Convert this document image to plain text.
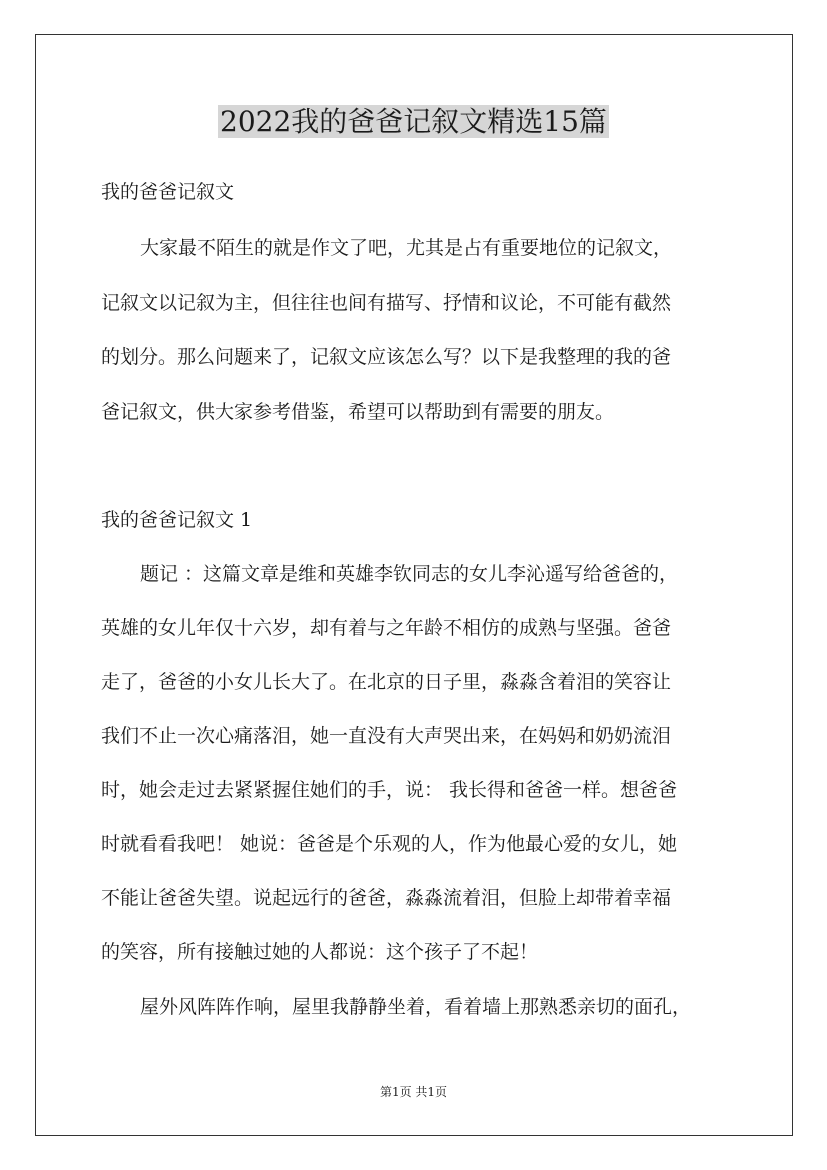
2022我的爸爸记叙文精选15篇
我的爸爸记叙文
大家最不陌生的就是作文了吧，尤其是占有重要地位的记叙文，
记叙文以记叙为主，但往往也间有描写、抒情和议论，不可能有截然
的划分。那么问题来了，记叙文应该怎么写？以下是我整理的我的爸
爸记叙文，供大家参考借鉴，希望可以帮助到有需要的朋友。
我的爸爸记叙文 1
题记 ：这篇文章是维和英雄李钦同志的女儿李沁遥写给爸爸的，
英雄的女儿年仅十六岁，却有着与之年龄不相仿的成熟与坚强。爸爸
走了，爸爸的小女儿长大了。在北京的日子里，淼淼含着泪的笑容让
我们不止一次心痛落泪，她一直没有大声哭出来，在妈妈和奶奶流泪
时，她会走过去紧紧握住她们的手，说： 我长得和爸爸一样。想爸爸
时就看看我吧！ 她说：爸爸是个乐观的人，作为他最心爱的女儿，她
不能让爸爸失望。说起远行的爸爸，淼淼流着泪，但脸上却带着幸福
的笑容，所有接触过她的人都说：这个孩子了不起！
屋外风阵阵作响，屋里我静静坐着，看着墙上那熟悉亲切的面孔，
第1页 共1页
